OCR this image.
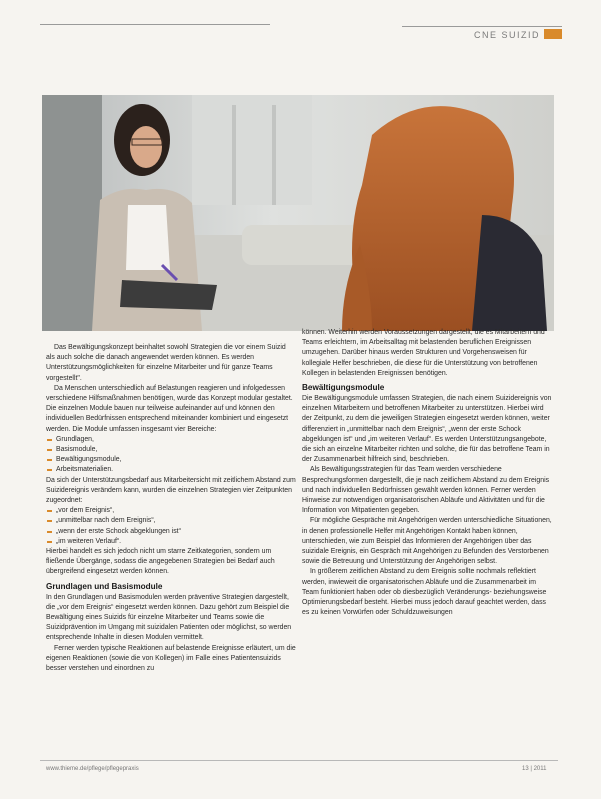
CNE SUIZID

Das Bewältigungskonzept beinhaltet sowohl Strategien die vor einem Suizid als auch solche die danach angewendet werden können. Es werden Unterstützungsmöglichkeiten für einzelne Mitarbeiter und für ganze Teams vorgestellt".

Da Menschen unterschiedlich auf Belastungen reagieren und infolgedessen verschiedene Hilfsmaßnahmen benötigen, wurde das Konzept modular gestaltet. Die einzelnen Module bauen nur teilweise aufeinander auf und können den individuellen Bedürfnissen entsprechend miteinander kombiniert und eingesetzt werden. Die Module umfassen insgesamt vier Bereiche:

Grundlagen,
Basismodule,
Bewältigungsmodule,
Arbeitsmaterialien.

Da sich der Unterstützungsbedarf aus Mitarbeitersicht mit zeitlichem Abstand zum Suizidereignis verändern kann, wurden die einzelnen Strategien vier Zeitpunkten zugeordnet:

„vor dem Ereignis“,
„unmittelbar nach dem Ereignis“,
„wenn der erste Schock abgeklungen ist“
„im weiteren Verlauf“.

Hierbei handelt es sich jedoch nicht um starre Zeitkategorien, sondern um fließende Übergänge, sodass die angegebenen Strategien bei Bedarf auch übergreifend eingesetzt werden können.

Grundlagen und Basismodule

In den Grundlagen und Basismodulen werden präventive Strategien dargestellt, die „vor dem Ereignis“ eingesetzt werden können. Dazu gehört zum Beispiel die Bewältigung eines Suizids für einzelne Mitarbeiter und Teams sowie die Suizidprävention im Umgang mit suizidalen Patienten oder möglichst, so werden entsprechende Inhalte in diesen Modulen vermittelt.

Ferner werden typische Reaktionen auf belastende Ereignisse erläutert, um die eigenen Reaktionen (sowie die von Kollegen) im Falle eines Patientensuizids besser verstehen und einordnen zu

können. Weiterhin werden Voraussetzungen dargestellt, die es Mitarbeitern und Teams erleichtern, im Arbeitsalltag mit belastenden beruflichen Ereignissen umzugehen. Darüber hinaus werden Strukturen und Vorgehensweisen für kollegiale Helfer beschrieben, die diese für die Unterstützung von betroffenen Kollegen in belastenden Ereignissen benötigen.

Bewältigungsmodule

Die Bewältigungsmodule umfassen Strategien, die nach einem Suizidereignis von einzelnen Mitarbeitern und betroffenen Mitarbeiter zu unterstützen. Hierbei wird der Zeitpunkt, zu dem die jeweiligen Strategien eingesetzt werden können, weiter differenziert in „unmittelbar nach dem Ereignis“, „wenn der erste Schock abgeklungen ist“ und „im weiteren Verlauf“. Es werden Unterstützungsangebote, die sich an einzelne Mitarbeiter richten und solche, die für das betroffene Team in der Zusammenarbeit hilfreich sind, beschrieben.

Als Bewältigungsstrategien für das Team werden verschiedene Besprechungsformen dargestellt, die je nach zeitlichem Abstand zu dem Ereignis und nach individuellen Bedürfnissen gewählt werden können. Ferner werden Hinweise zur notwendigen organisatorischen Abläufe und Aktivitäten und für die Information von Mitpatienten gegeben.

Für mögliche Gespräche mit Angehörigen werden unterschiedliche Situationen, in denen professionelle Helfer mit Angehörigen Kontakt haben können, unterschieden, wie zum Beispiel das Informieren der Angehörigen über das suizidale Ereignis, ein Gespräch mit Angehörigen zu Befunden des Verstorbenen sowie die Betreuung und Unterstützung der Angehörigen selbst.

In größerem zeitlichen Abstand zu dem Ereignis sollte nochmals reflektiert werden, inwieweit die organisatorischen Abläufe und die Zusammenarbeit im Team funktioniert haben oder ob diesbezüglich Veränderungs- beziehungsweise Optimierungsbedarf besteht. Hierbei muss jedoch darauf geachtet werden, dass es zu keinen Vorwürfen oder Schuldzuweisungen

www.thieme.de/pflege/pflegepraxis	13 | 2011
